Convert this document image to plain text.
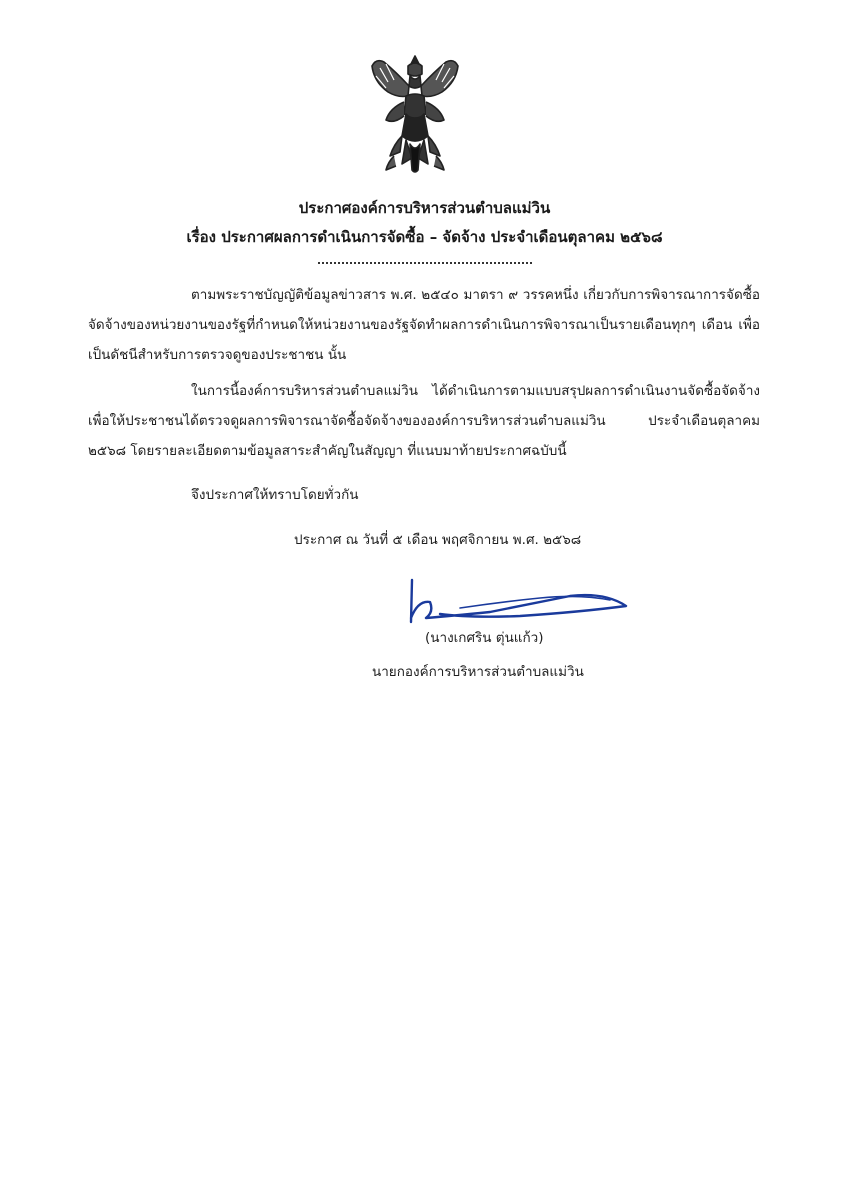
ประกาศองค์การบริหารส่วนตำบลแม่วิน
เรื่อง ประกาศผลการดำเนินการจัดซื้อ – จัดจ้าง ประจำเดือนตุลาคม ๒๕๖๘
ตามพระราชบัญญัติข้อมูลข่าวสาร พ.ศ. ๒๕๔๐ มาตรา ๙ วรรคหนึ่ง เกี่ยวกับการพิจารณาการจัดซื้อจัดจ้างของหน่วยงานของรัฐที่กำหนดให้หน่วยงานของรัฐจัดทำผลการดำเนินการพิจารณาเป็นรายเดือนทุกๆ เดือน เพื่อเป็นดัชนีสำหรับการตรวจดูของประชาชน นั้น
ในการนี้องค์การบริหารส่วนตำบลแม่วิน ได้ดำเนินการตามแบบสรุปผลการดำเนินงานจัดซื้อจัดจ้าง เพื่อให้ประชาชนได้ตรวจดูผลการพิจารณาจัดซื้อจัดจ้างขององค์การบริหารส่วนตำบลแม่วิน ประจำเดือนตุลาคม ๒๕๖๘ โดยรายละเอียดตามข้อมูลสาระสำคัญในสัญญา ที่แนบมาท้ายประกาศฉบับนี้
จึงประกาศให้ทราบโดยทั่วกัน
ประกาศ ณ วันที่ ๕ เดือน พฤศจิกายน พ.ศ. ๒๕๖๘
(นางเกศริน ตุ่นแก้ว)
นายกองค์การบริหารส่วนตำบลแม่วิน
